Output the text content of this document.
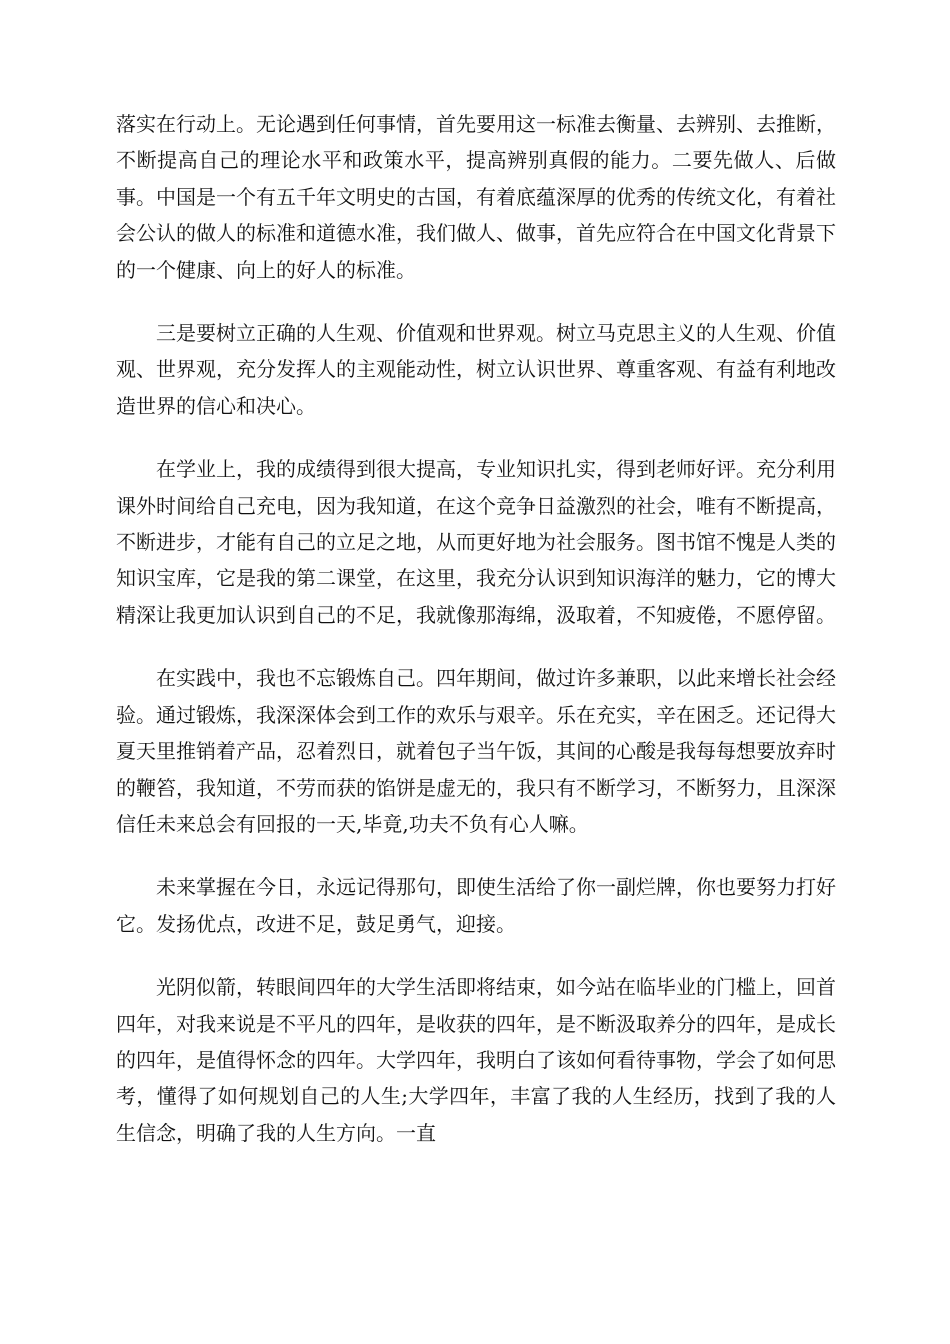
落实在行动上。无论遇到任何事情，首先要用这一标准去衡量、去辨别、去推断，不断提高自己的理论水平和政策水平，提高辨别真假的能力。二要先做人、后做事。中国是一个有五千年文明史的古国，有着底蕴深厚的优秀的传统文化，有着社会公认的做人的标准和道德水准，我们做人、做事，首先应符合在中国文化背景下的一个健康、向上的好人的标准。

三是要树立正确的人生观、价值观和世界观。树立马克思主义的人生观、价值观、世界观，充分发挥人的主观能动性，树立认识世界、尊重客观、有益有利地改造世界的信心和决心。

在学业上，我的成绩得到很大提高，专业知识扎实，得到老师好评。充分利用课外时间给自己充电，因为我知道，在这个竞争日益激烈的社会，唯有不断提高，不断进步，才能有自己的立足之地，从而更好地为社会服务。图书馆不愧是人类的知识宝库，它是我的第二课堂，在这里，我充分认识到知识海洋的魅力，它的博大精深让我更加认识到自己的不足，我就像那海绵，汲取着，不知疲倦，不愿停留。

在实践中，我也不忘锻炼自己。四年期间，做过许多兼职，以此来增长社会经验。通过锻炼，我深深体会到工作的欢乐与艰辛。乐在充实，辛在困乏。还记得大夏天里推销着产品，忍着烈日，就着包子当午饭，其间的心酸是我每每想要放弃时的鞭笞，我知道，不劳而获的馅饼是虚无的，我只有不断学习，不断努力，且深深信任未来总会有回报的一天,毕竟,功夫不负有心人嘛。

未来掌握在今日，永远记得那句，即使生活给了你一副烂牌，你也要努力打好它。发扬优点，改进不足，鼓足勇气，迎接。

光阴似箭，转眼间四年的大学生活即将结束，如今站在临毕业的门槛上，回首四年，对我来说是不平凡的四年，是收获的四年，是不断汲取养分的四年，是成长的四年，是值得怀念的四年。大学四年，我明白了该如何看待事物，学会了如何思考，懂得了如何规划自己的人生;大学四年，丰富了我的人生经历，找到了我的人生信念，明确了我的人生方向。一直
